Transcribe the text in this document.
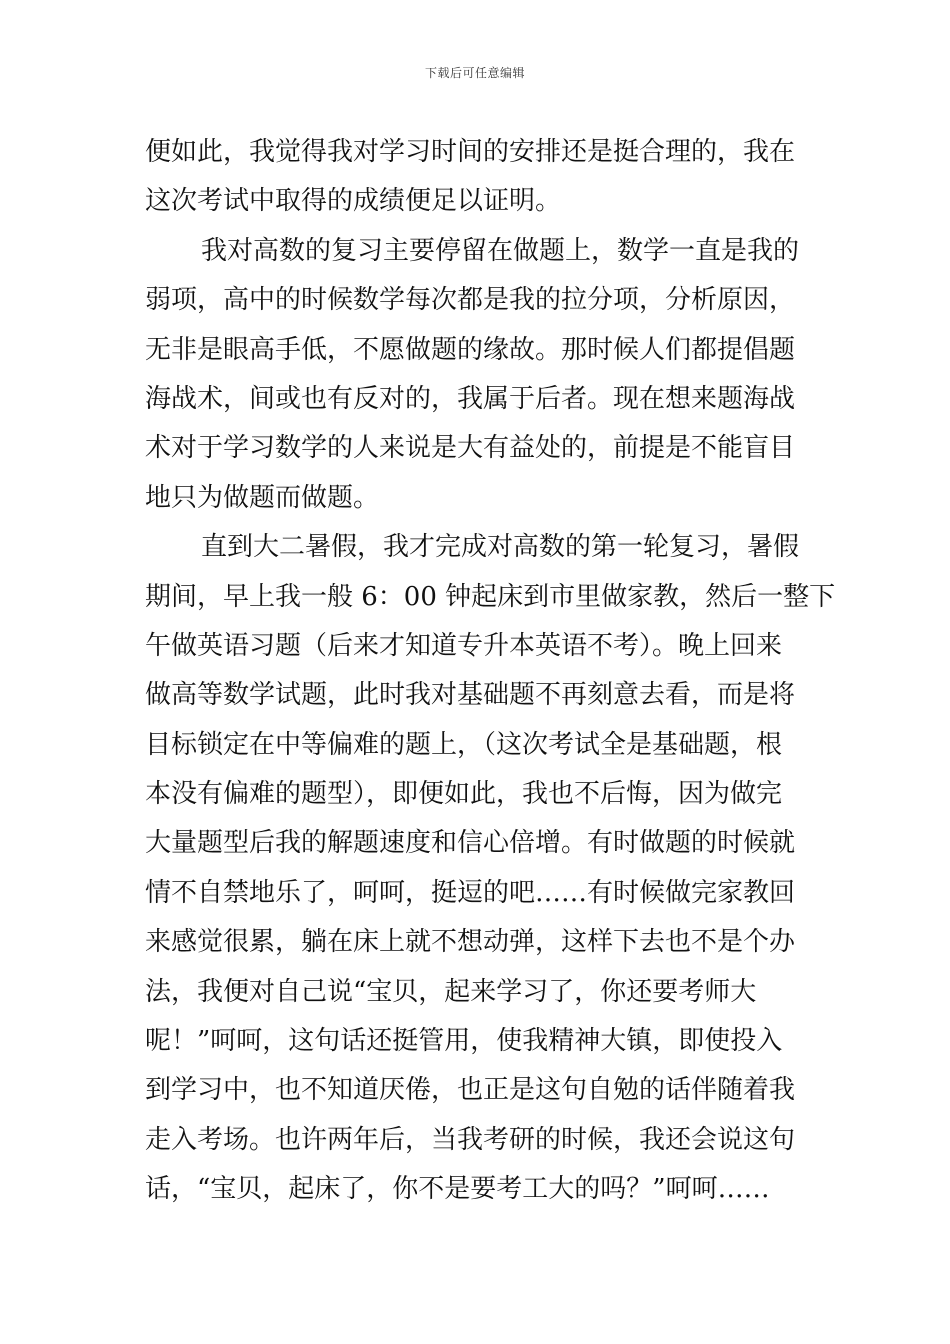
下载后可任意编辑
便如此，我觉得我对学习时间的安排还是挺合理的，我在
这次考试中取得的成绩便足以证明。
我对高数的复习主要停留在做题上，数学一直是我的
弱项，高中的时候数学每次都是我的拉分项，分析原因，
无非是眼高手低，不愿做题的缘故。那时候人们都提倡题
海战术，间或也有反对的，我属于后者。现在想来题海战
术对于学习数学的人来说是大有益处的，前提是不能盲目
地只为做题而做题。
直到大二暑假，我才完成对高数的第一轮复习，暑假
期间，早上我一般 6：00 钟起床到市里做家教，然后一整下
午做英语习题（后来才知道专升本英语不考）。晚上回来
做高等数学试题，此时我对基础题不再刻意去看，而是将
目标锁定在中等偏难的题上，（这次考试全是基础题，根
本没有偏难的题型），即便如此，我也不后悔，因为做完
大量题型后我的解题速度和信心倍增。有时做题的时候就
情不自禁地乐了，呵呵，挺逗的吧……有时候做完家教回
来感觉很累，躺在床上就不想动弹，这样下去也不是个办
法，我便对自己说“宝贝，起来学习了，你还要考师大
呢！”呵呵，这句话还挺管用，使我精神大镇，即使投入
到学习中，也不知道厌倦，也正是这句自勉的话伴随着我
走入考场。也许两年后，当我考研的时候，我还会说这句
话，“宝贝，起床了，你不是要考工大的吗？”呵呵……
